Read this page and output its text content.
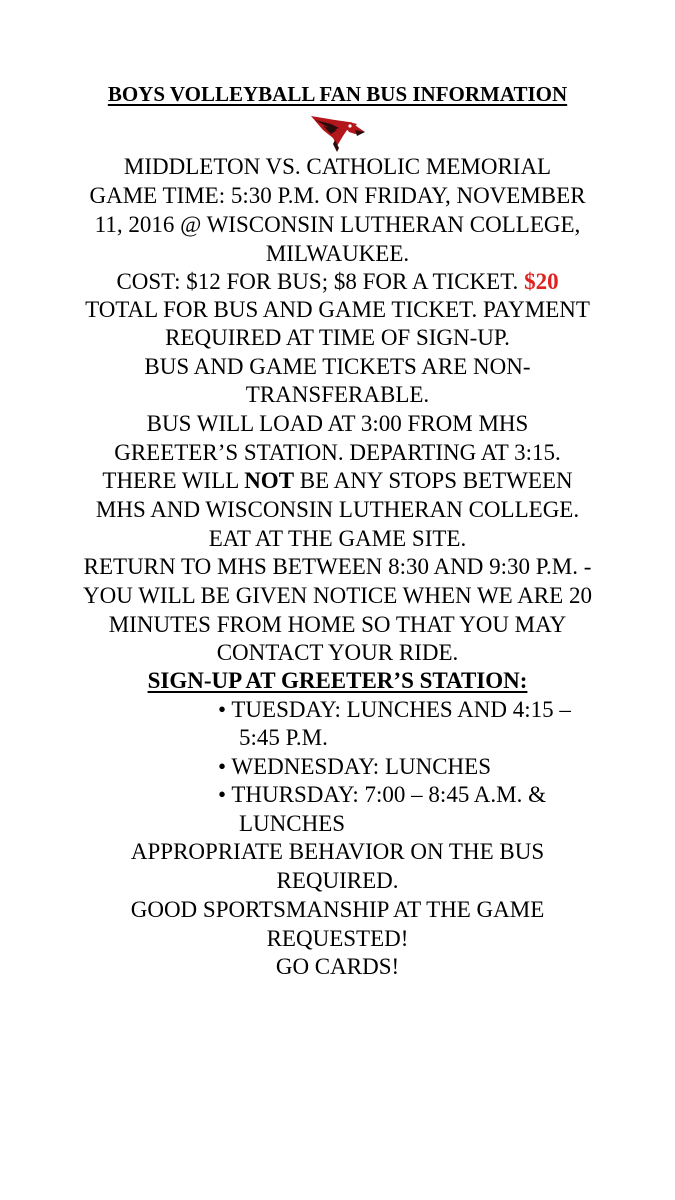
BOYS VOLLEYBALL FAN BUS INFORMATION
MIDDLETON VS. CATHOLIC MEMORIAL
GAME TIME: 5:30 P.M. ON FRIDAY, NOVEMBER
11, 2016 @ WISCONSIN LUTHERAN COLLEGE,
MILWAUKEE.
COST: $12 FOR BUS; $8 FOR A TICKET. $20
TOTAL FOR BUS AND GAME TICKET. PAYMENT
REQUIRED AT TIME OF SIGN-UP.
BUS AND GAME TICKETS ARE NON-
TRANSFERABLE.
BUS WILL LOAD AT 3:00 FROM MHS
GREETER’S STATION. DEPARTING AT 3:15.
THERE WILL NOT BE ANY STOPS BETWEEN
MHS AND WISCONSIN LUTHERAN COLLEGE.
EAT AT THE GAME SITE.
RETURN TO MHS BETWEEN 8:30 AND 9:30 P.M. -
YOU WILL BE GIVEN NOTICE WHEN WE ARE 20
MINUTES FROM HOME SO THAT YOU MAY
CONTACT YOUR RIDE.
SIGN-UP AT GREETER’S STATION:
• TUESDAY: LUNCHES AND 4:15 –
5:45 P.M.
• WEDNESDAY: LUNCHES
• THURSDAY: 7:00 – 8:45 A.M. &
LUNCHES
APPROPRIATE BEHAVIOR ON THE BUS
REQUIRED.
GOOD SPORTSMANSHIP AT THE GAME
REQUESTED!
GO CARDS!
